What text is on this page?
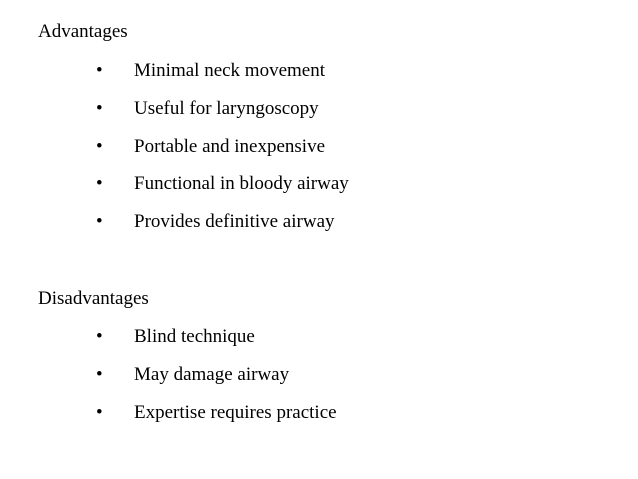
Advantages
• Minimal neck movement
• Useful for laryngoscopy
• Portable and inexpensive
• Functional in bloody airway
• Provides definitive airway
Disadvantages
• Blind technique
• May damage airway
• Expertise requires practice
